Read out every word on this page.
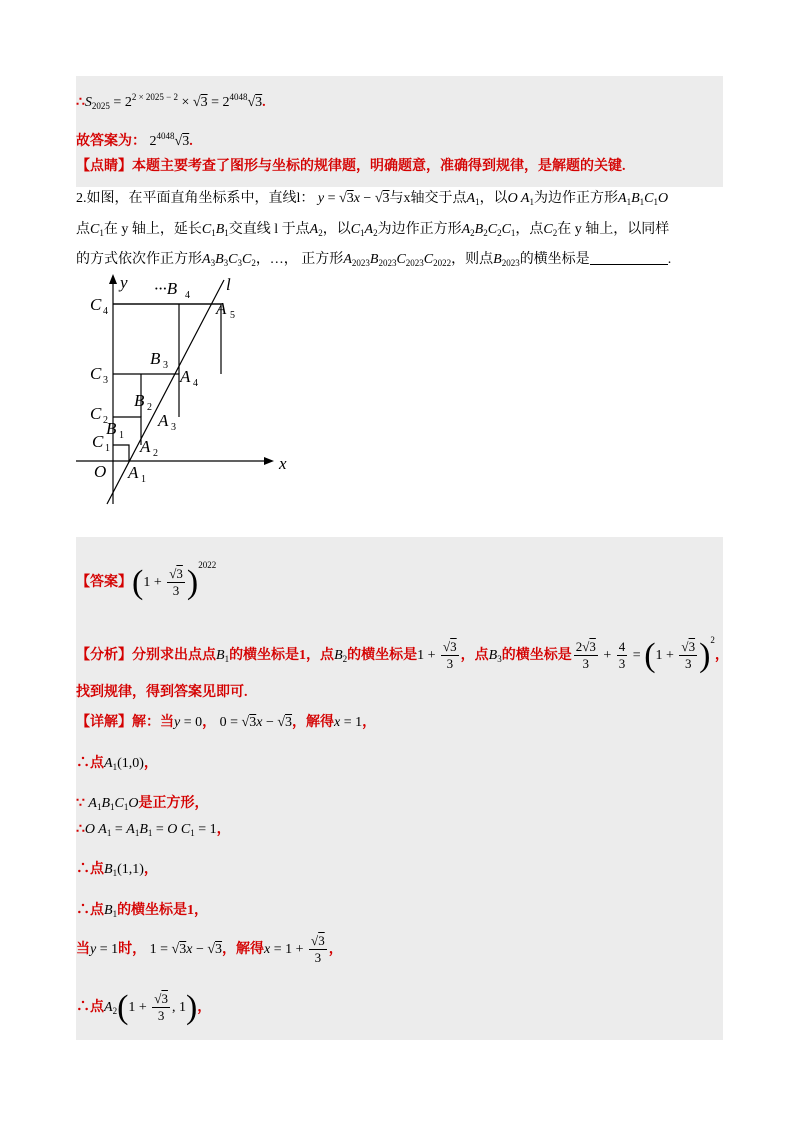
$\therefore S_{2025} = 2^{2 \times 2025 - 2} \times √3 = 2^{4048}√3$.
故答案为： $2^{4048}√3$.
【点睛】本题主要考查了图形与坐标的规律题，明确题意，准确得到规律，是解题的关键.
2.如图，在平面直角坐标系中，直线l： y = √3x − √3与x轴交于点$A_1$，以O $A_1$为边作正方形$A_1B_1C_1O$
点$C_1$在 y 轴上，延长$C_1B_1$交直线 l 于点$A_2$，以$C_1A_2$为边作正方形$A_2B_2C_2C_1$，点$C_2$在 y 轴上，以同样
的方式依次作正方形$A_3B_3C_3C_2$，…， 正方形$A_{2023}B_{2023}C_{2023}C_{2022}$，则点$B_{2023}$的横坐标是	.
y
x
l
O
C
C
C
C
···B
B
B
B
A
A
A
A
A
4
3
2
1
4
3
2
1
5
4
3
2
1
【答案】$(1 + \frac{√3}{3} )^{2022}$
【分析】分别求出点点$B_1$的横坐标是1，点$B_2$的横坐标是$1 + \frac{√3}{3}$ ，点$B_3$的横坐标是 $\frac{2√3}{3} + \frac{4}{3} = (1 + \frac{√3}{3} )^2$，
找到规律，得到答案见即可.
【详解】解：当y = 0， 0 = √3x − √3，解得x = 1，
∴点$A_1(1,0)$，
∵ $A_1B_1C_1O$是正方形，
∴O $A_1 = A_1B_1 = O$ $C_1 = 1$，
∴点$B_1(1,1)$，
∴点$B_1$的横坐标是1，
当y = 1时， 1 = √3x − √3，解得$x = 1 + \frac{√3}{3}$ ，
∴点$A_2(1 + \frac{√3}{3}$ , 1)，
